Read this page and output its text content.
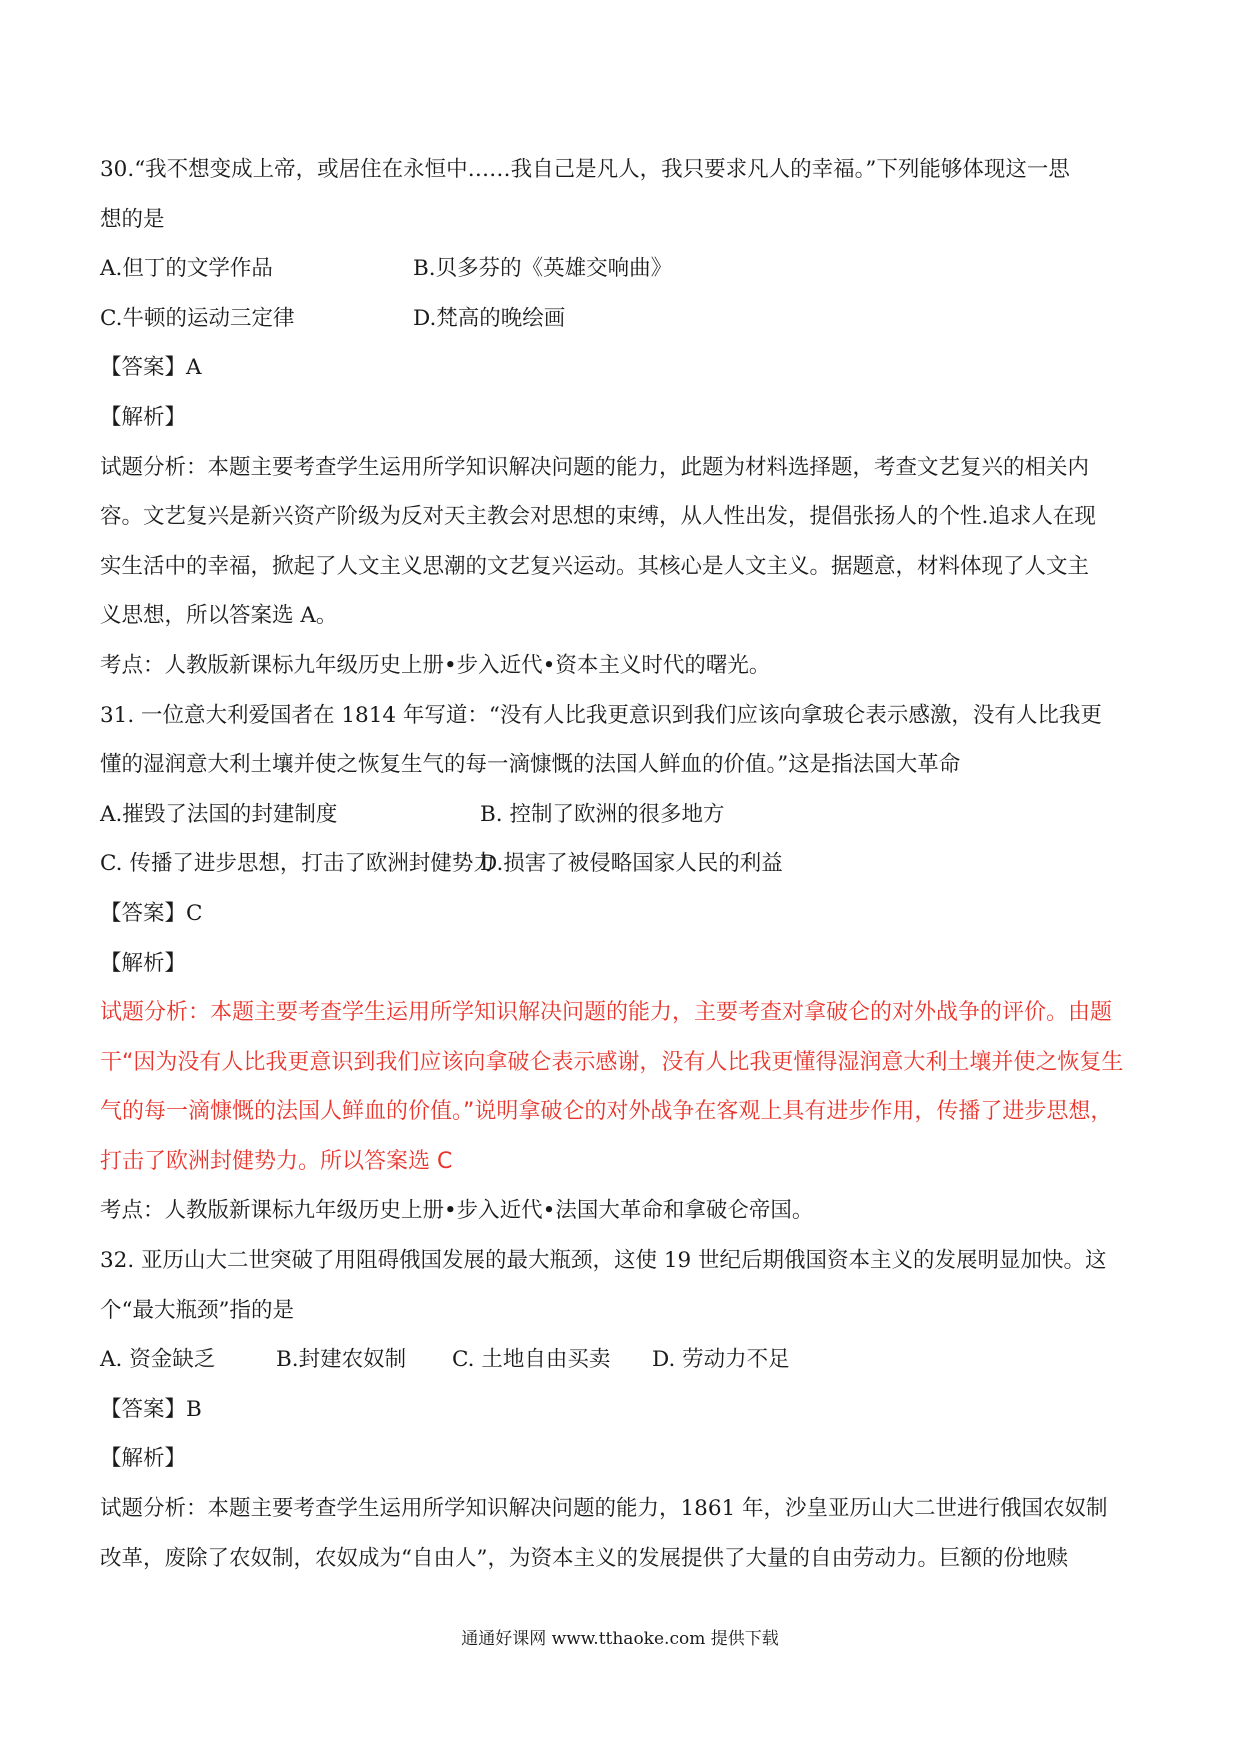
30.“我不想变成上帝，或居住在永恒中……我自己是凡人，我只要求凡人的幸福。”下列能够体现这一思
想的是
A.但丁的文学作品	B.贝多芬的《英雄交响曲》
C.牛顿的运动三定律	D.梵高的晚绘画
【答案】A
【解析】
试题分析：本题主要考查学生运用所学知识解决问题的能力，此题为材料选择题，考查文艺复兴的相关内
容。文艺复兴是新兴资产阶级为反对天主教会对思想的束缚，从人性出发，提倡张扬人的个性.追求人在现
实生活中的幸福，掀起了人文主义思潮的文艺复兴运动。其核心是人文主义。据题意，材料体现了人文主
义思想，所以答案选 A。
考点：人教版新课标九年级历史上册•步入近代•资本主义时代的曙光。
31. 一位意大利爱国者在 1814 年写道：“没有人比我更意识到我们应该向拿玻仑表示感激，没有人比我更
懂的湿润意大利土壤并使之恢复生气的每一滴慷慨的法国人鲜血的价值。”这是指法国大革命
A.摧毁了法国的封建制度	B. 控制了欧洲的很多地方
C. 传播了进步思想，打击了欧洲封健势力
D.损害了被侵略国家人民的利益
【答案】C
【解析】
试题分析：本题主要考查学生运用所学知识解决问题的能力，主要考查对拿破仑的对外战争的评价。由题
干“因为没有人比我更意识到我们应该向拿破仑表示感谢，没有人比我更懂得湿润意大利土壤并使之恢复生
气的每一滴慷慨的法国人鲜血的价值。”说明拿破仑的对外战争在客观上具有进步作用，传播了进步思想，
打击了欧洲封健势力。所以答案选 C
考点：人教版新课标九年级历史上册•步入近代•法国大革命和拿破仑帝国。
32. 亚历山大二世突破了用阻碍俄国发展的最大瓶颈，这使 19 世纪后期俄国资本主义的发展明显加快。这
个“最大瓶颈”指的是
A. 资金缺乏	B.封建农奴制	C. 土地自由买卖	D. 劳动力不足
【答案】B
【解析】
试题分析：本题主要考查学生运用所学知识解决问题的能力，1861 年，沙皇亚历山大二世进行俄国农奴制
改革，废除了农奴制，农奴成为“自由人”，为资本主义的发展提供了大量的自由劳动力。巨额的份地赎
通通好课网 www.tthaoke.com 提供下载
